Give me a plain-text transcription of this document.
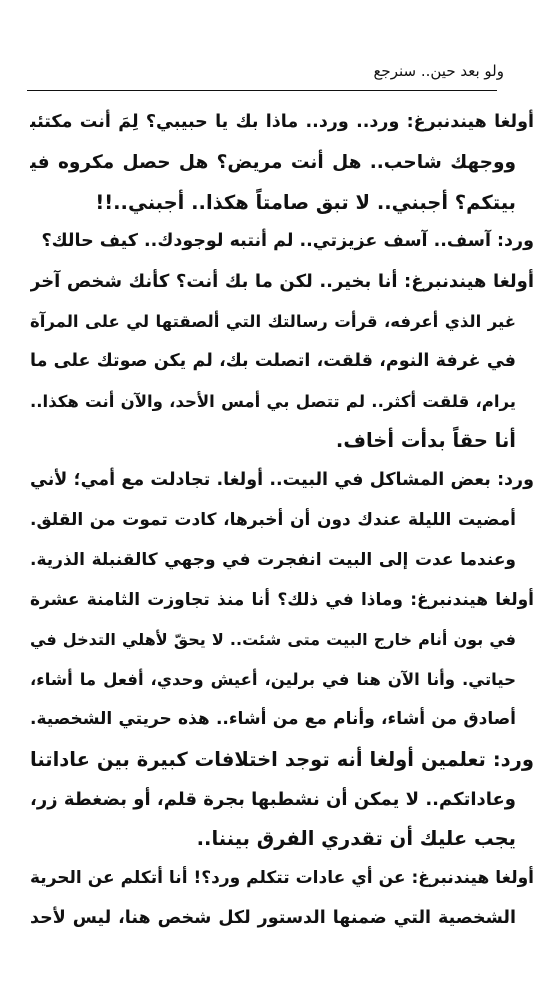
ولو بعد حين.. سنرجع
أولغا هيندنبرغ: ورد.. ورد.. ماذا بك يا حبيبي؟ لِمَ أنت مكتئب
ووجهك شاحب.. هل أنت مريض؟ هل حصل مكروه في
بيتكم؟ أجبني.. لا تبق صامتاً هكذا.. أجبني..!!
ورد: آسف.. آسف عزيزتي.. لم أنتبه لوجودك.. كيف حالك؟
أولغا هيندنبرغ: أنا بخير.. لكن ما بك أنت؟ كأنك شخص آخر
غير الذي أعرفه، قرأت رسالتك التي ألصقتها لي على المرآة
في غرفة النوم، قلقت، اتصلت بك، لم يكن صوتك على ما
يرام، قلقت أكثر.. لم تتصل بي أمس الأحد، والآن أنت هكذا..
أنا حقاً بدأت أخاف.
ورد: بعض المشاكل في البيت.. أولغا. تجادلت مع أمي؛ لأني
أمضيت الليلة عندك دون أن أخبرها، كادت تموت من القلق.
وعندما عدت إلى البيت انفجرت في وجهي كالقنبلة الذرية.
أولغا هيندنبرغ: وماذا في ذلك؟ أنا منذ تجاوزت الثامنة عشرة
في بون أنام خارج البيت متى شئت.. لا يحقّ لأهلي التدخل في
حياتي. وأنا الآن هنا في برلين، أعيش وحدي، أفعل ما أشاء،
أصادق من أشاء، وأنام مع من أشاء.. هذه حريتي الشخصية.
ورد: تعلمين أولغا أنه توجد اختلافات كبيرة بين عاداتنا
وعاداتكم.. لا يمكن أن نشطبها بجرة قلم، أو بضغطة زر،
يجب عليك أن تقدري الفرق بيننا..
أولغا هيندنبرغ: عن أي عادات تتكلم ورد؟! أنا أتكلم عن الحرية
الشخصية التي ضمنها الدستور لكل شخص هنا، ليس لأحد
